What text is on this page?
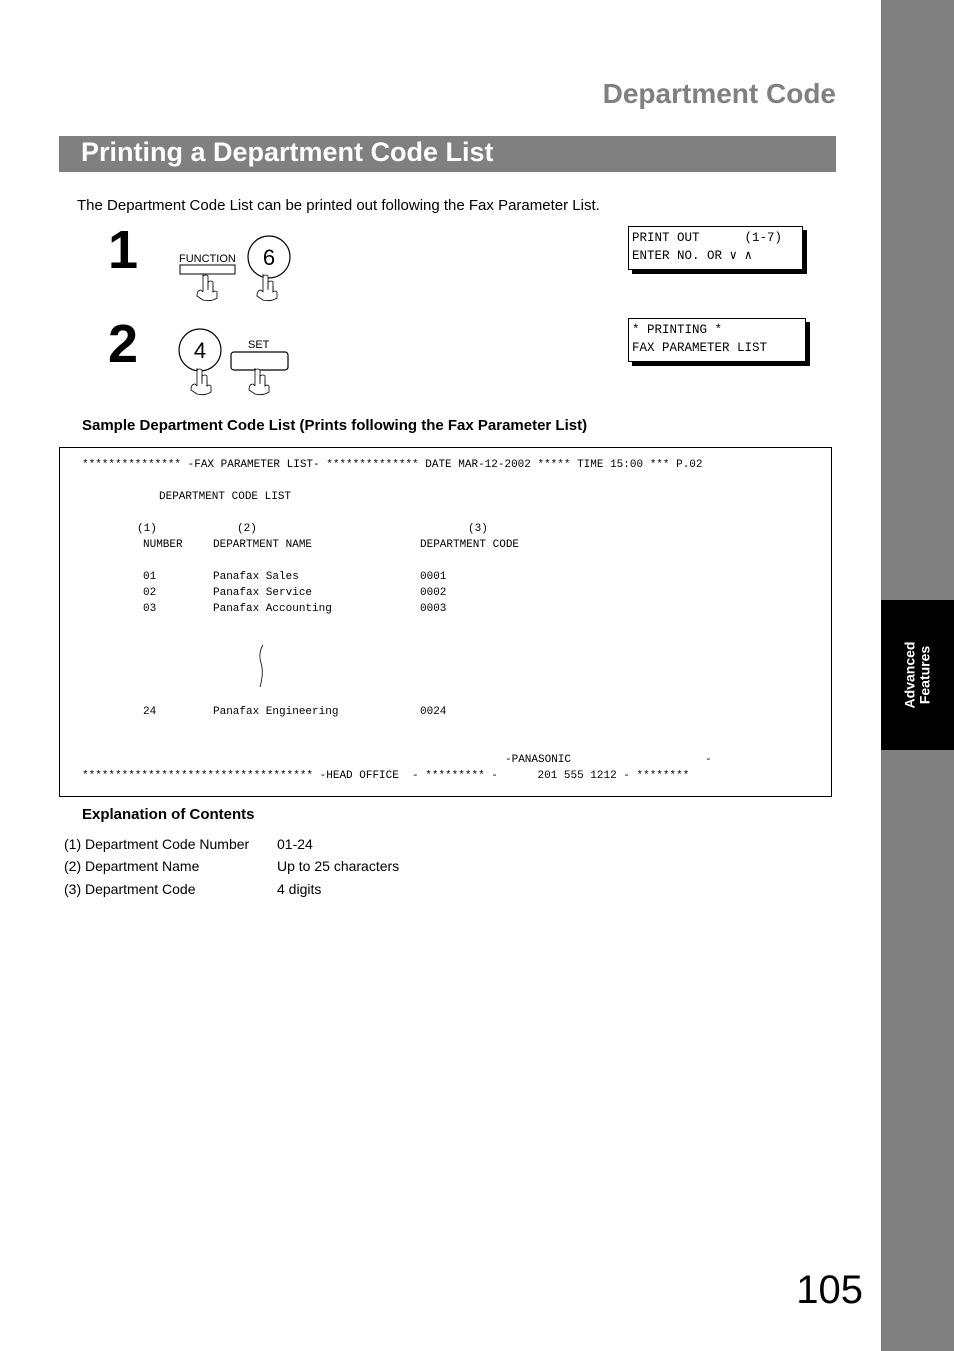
Advanced
Features
Department Code
Printing a Department Code List
The Department Code List can be printed out following the Fax Parameter List.
1	FUNCTION 6
PRINT OUT      (1-7)
ENTER NO. OR ∨ ∧
2	4	SET
* PRINTING *
FAX PARAMETER LIST
Sample Department Code List (Prints following the Fax Parameter List)
*************** -FAX PARAMETER LIST- ************** DATE MAR-12-2002 ***** TIME 15:00 *** P.02
DEPARTMENT CODE LIST
(1)	(2)	(3)
NUMBER	DEPARTMENT NAME	DEPARTMENT CODE
01	Panafax Sales	0001
02	Panafax Service	0002
03	Panafax Accounting	0003
24	Panafax Engineering	0024
-PANASONIC	-
*********************************** -HEAD OFFICE  - ********* -      201 555 1212 - ********
Explanation of Contents
(1) Department Code Number 01-24
(2) Department Name	Up to 25 characters
(3) Department Code	4 digits
105
